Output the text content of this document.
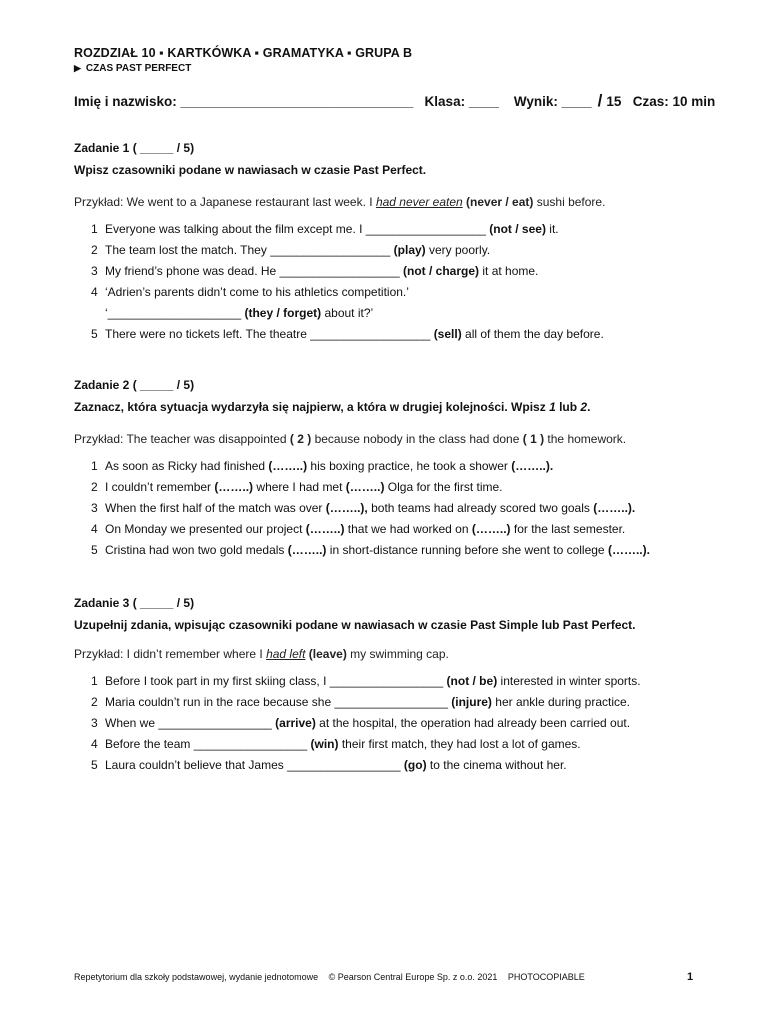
ROZDZIAŁ 10 ▪ KARTKÓWKA ▪ GRAMATYKA ▪ GRUPA B
▶ CZAS PAST PERFECT
Imię i nazwisko: _______________________________ Klasa: ____ Wynik: ____ / 15 Czas: 10 min
Zadanie 1 ( _____ / 5)
Wpisz czasowniki podane w nawiasach w czasie Past Perfect.
Przykład: We went to a Japanese restaurant last week. I had never eaten (never / eat) sushi before.
1 Everyone was talking about the film except me. I __________________ (not / see) it.
2 The team lost the match. They __________________ (play) very poorly.
3 My friend’s phone was dead. He __________________ (not / charge) it at home.
4 ‘Adrien’s parents didn’t come to his athletics competition.’
‘____________________ (they / forget) about it?’
5 There were no tickets left. The theatre __________________ (sell) all of them the day before.
Zadanie 2 ( _____ / 5)
Zaznacz, która sytuacja wydarzyła się najpierw, a która w drugiej kolejności. Wpisz 1 lub 2.
Przykład: The teacher was disappointed ( 2 ) because nobody in the class had done ( 1 ) the homework.
1 As soon as Ricky had finished (……..) his boxing practice, he took a shower (……..).
2 I couldn’t remember (……..) where I had met (……..) Olga for the first time.
3 When the first half of the match was over (……..), both teams had already scored two goals (……..).
4 On Monday we presented our project (……..) that we had worked on (……..) for the last semester.
5 Cristina had won two gold medals (……..) in short-distance running before she went to college (……..).
Zadanie 3 ( _____ / 5)
Uzupełnij zdania, wpisując czasowniki podane w nawiasach w czasie Past Simple lub Past Perfect.
Przykład: I didn’t remember where I had left (leave) my swimming cap.
1 Before I took part in my first skiing class, I _________________ (not / be) interested in winter sports.
2 Maria couldn’t run in the race because she _________________ (injure) her ankle during practice.
3 When we _________________ (arrive) at the hospital, the operation had already been carried out.
4 Before the team _________________ (win) their first match, they had lost a lot of games.
5 Laura couldn’t believe that James _________________ (go) to the cinema without her.
Repetytorium dla szkoły podstawowej, wydanie jednotomowe © Pearson Central Europe Sp. z o.o. 2021 PHOTOCOPIABLE	1
